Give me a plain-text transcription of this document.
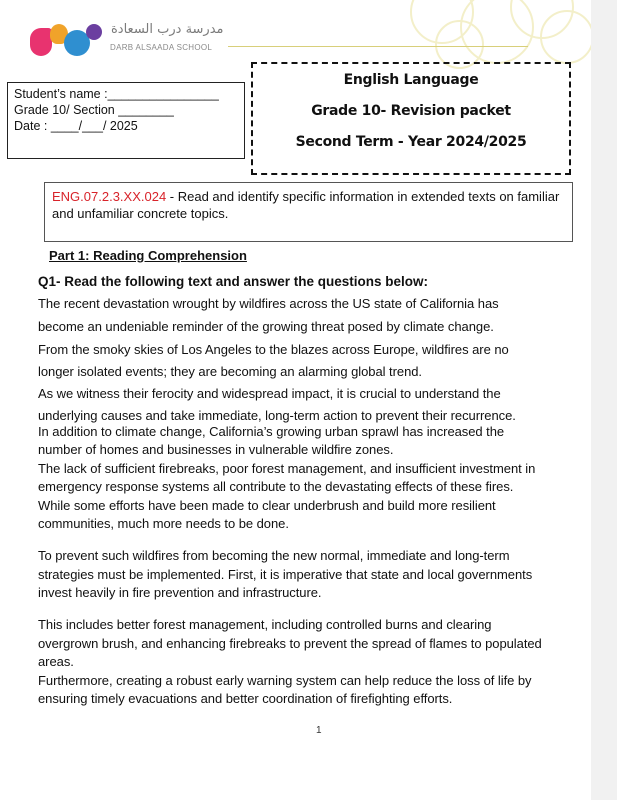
مدرسة درب السعادة
DARB ALSAADA SCHOOL
Student’s name :________________
Grade 10/ Section ________
Date : ____/___/ 2025
English Language
Grade 10- Revision packet
Second Term - Year 2024/2025
ENG.07.2.3.XX.024 - Read and identify specific information in extended texts on familiar and unfamiliar concrete topics.
Part 1: Reading Comprehension
Q1- Read the following text and answer the questions below:
The recent devastation wrought by wildfires across the US state of California has
become an undeniable reminder of the growing threat posed by climate change.
From the smoky skies of Los Angeles to the blazes across Europe, wildfires are no
longer isolated events; they are becoming an alarming global trend.
As we witness their ferocity and widespread impact, it is crucial to understand the
underlying causes and take immediate, long-term action to prevent their recurrence.
In addition to climate change, California’s growing urban sprawl has increased the
number of homes and businesses in vulnerable wildfire zones.
The lack of sufficient firebreaks, poor forest management, and insufficient investment in
emergency response systems all contribute to the devastating effects of these fires.
While some efforts have been made to clear underbrush and build more resilient
communities, much more needs to be done.
To prevent such wildfires from becoming the new normal, immediate and long-term
strategies must be implemented. First, it is imperative that state and local governments
invest heavily in fire prevention and infrastructure.
This includes better forest management, including controlled burns and clearing
overgrown brush, and enhancing firebreaks to prevent the spread of flames to populated
areas.
Furthermore, creating a robust early warning system can help reduce the loss of life by
ensuring timely evacuations and better coordination of firefighting efforts.
1
